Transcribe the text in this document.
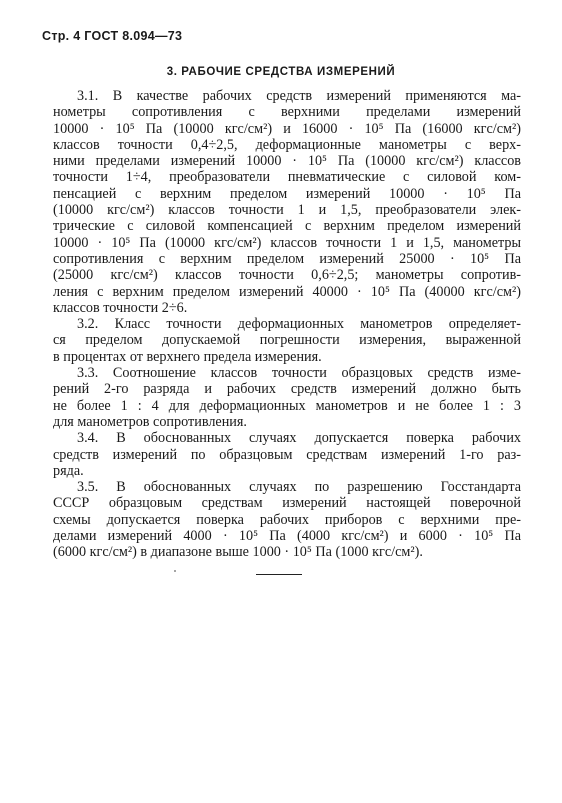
Стр. 4 ГОСТ 8.094—73
3. РАБОЧИЕ СРЕДСТВА ИЗМЕРЕНИЙ
3.1. В качестве рабочих средств измерений применяются ма-
нометры сопротивления с верхними пределами измерений
10000 · 10⁵ Па (10000 кгс/см²) и 16000 · 10⁵ Па (16000 кгс/см²)
классов точности 0,4÷2,5, деформационные манометры с верх-
ними пределами измерений 10000 · 10⁵ Па (10000 кгс/см²) классов
точности 1÷4, преобразователи пневматические с силовой ком-
пенсацией с верхним пределом измерений 10000 · 10⁵ Па
(10000 кгс/см²) классов точности 1 и 1,5, преобразователи элек-
трические с силовой компенсацией с верхним пределом измерений
10000 · 10⁵ Па (10000 кгс/см²) классов точности 1 и 1,5, манометры
сопротивления с верхним пределом измерений 25000 · 10⁵ Па
(25000 кгс/см²) классов точности 0,6÷2,5; манометры сопротив-
ления с верхним пределом измерений 40000 · 10⁵ Па (40000 кгс/см²)
классов точности 2÷6.
3.2. Класс точности деформационных манометров определяет-
ся пределом допускаемой погрешности измерения, выраженной
в процентах от верхнего предела измерения.
3.3. Соотношение классов точности образцовых средств изме-
рений 2-го разряда и рабочих средств измерений должно быть
не более 1 : 4 для деформационных манометров и не более 1 : 3
для манометров сопротивления.
3.4. В обоснованных случаях допускается поверка рабочих
средств измерений по образцовым средствам измерений 1-го раз-
ряда.
3.5. В обоснованных случаях по разрешению Госстандарта
СССР образцовым средствам измерений настоящей поверочной
схемы допускается поверка рабочих приборов с верхними пре-
делами измерений 4000 · 10⁵ Па (4000 кгс/см²) и 6000 · 10⁵ Па
(6000 кгс/см²) в диапазоне выше 1000 · 10⁵ Па (1000 кгс/см²).
